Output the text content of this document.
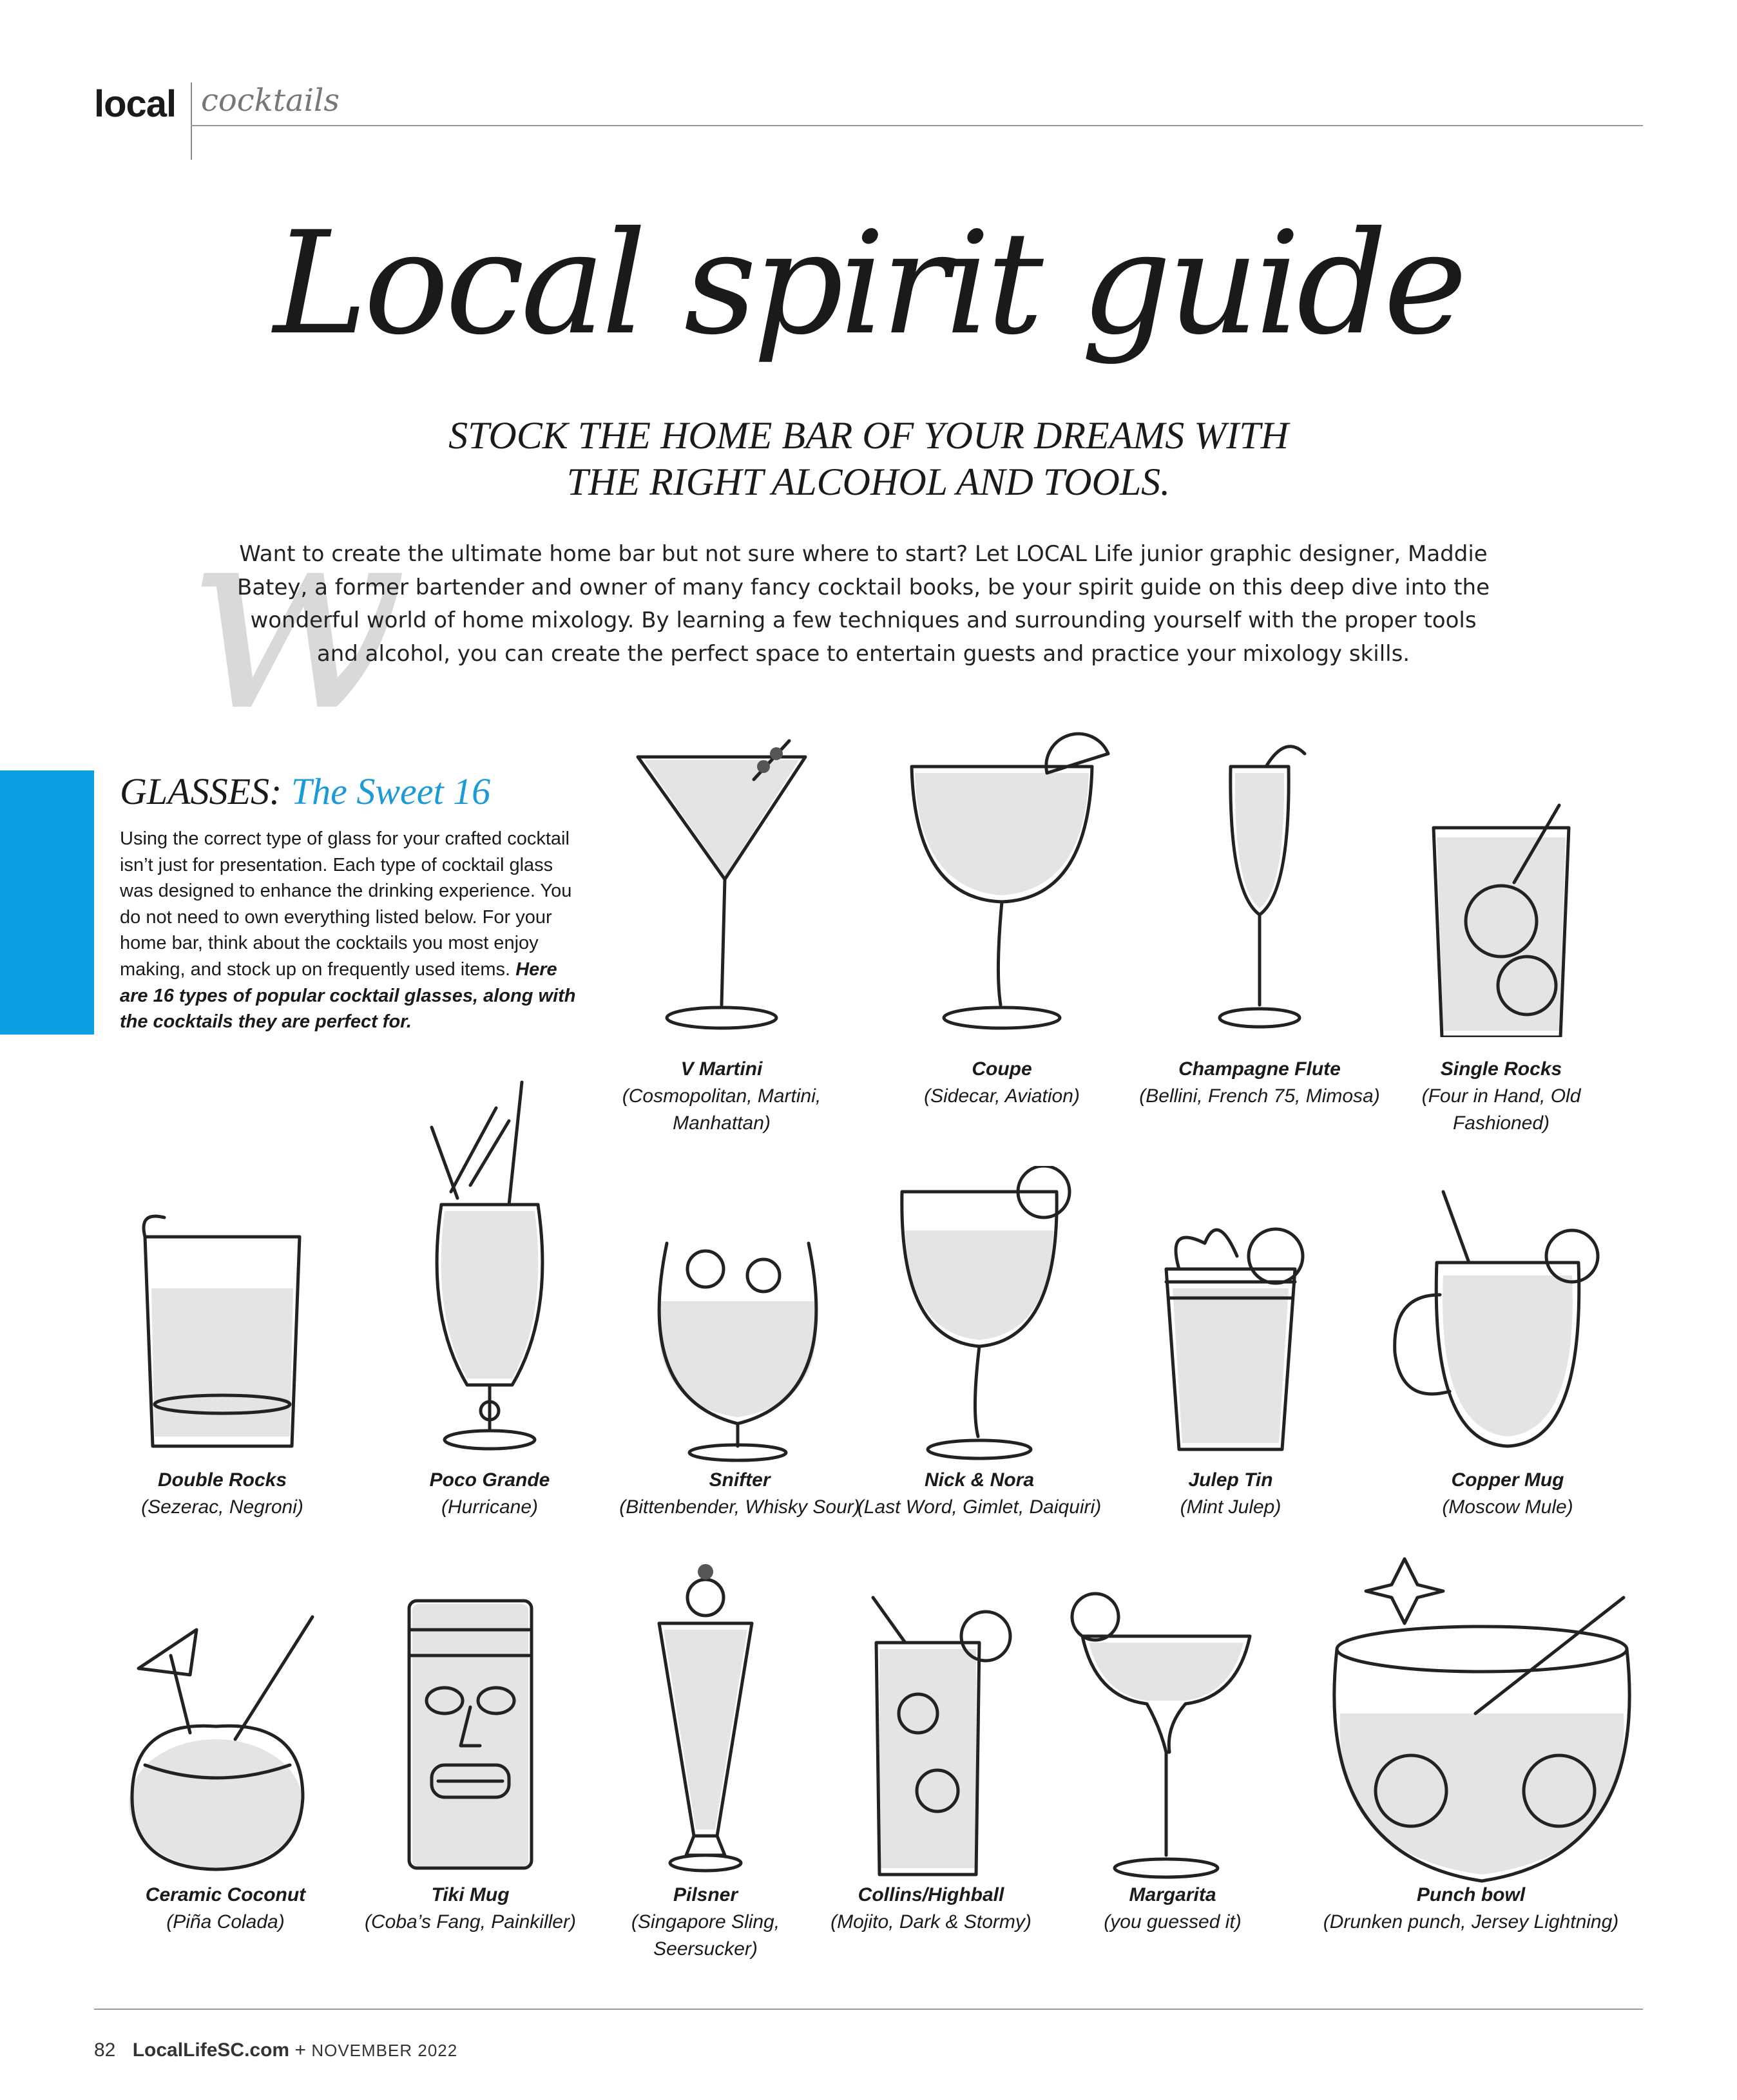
local cocktails
Local spirit guide
STOCK THE HOME BAR OF YOUR DREAMS WITH
THE RIGHT ALCOHOL AND TOOLS.
w
Want to create the ultimate home bar but not sure where to start? Let LOCAL Life junior graphic designer, Maddie Batey, a former bartender and owner of many fancy cocktail books, be your spirit guide on this deep dive into the wonderful world of home mixology. By learning a few techniques and surrounding yourself with the proper tools and alcohol, you can create the perfect space to entertain guests and practice your mixology skills.
GLASSES: The Sweet 16
Using the correct type of glass for your crafted cocktail isn’t just for presentation. Each type of cocktail glass was designed to enhance the drinking experience. You do not need to own everything listed below. For your home bar, think about the cocktails you most enjoy making, and stock up on frequently used items. Here are 16 types of popular cocktail glasses, along with the cocktails they are perfect for.
V Martini
(Cosmopolitan, Martini, Manhattan)
Coupe
(Sidecar, Aviation)
Champagne Flute
(Bellini, French 75, Mimosa)
Single Rocks
(Four in Hand, Old Fashioned)
Double Rocks
(Sezerac, Negroni)
Poco Grande
(Hurricane)
Snifter
(Bittenbender, Whisky Sour)
Nick & Nora
(Last Word, Gimlet, Daiquiri)
Julep Tin
(Mint Julep)
Copper Mug
(Moscow Mule)
Ceramic Coconut
(Piña Colada)
Tiki Mug
(Coba’s Fang, Painkiller)
Pilsner
(Singapore Sling, Seersucker)
Collins/Highball
(Mojito, Dark & Stormy)
Margarita
(you guessed it)
Punch bowl
(Drunken punch, Jersey Lightning)
82 LocalLifeSC.com + NOVEMBER 2022
